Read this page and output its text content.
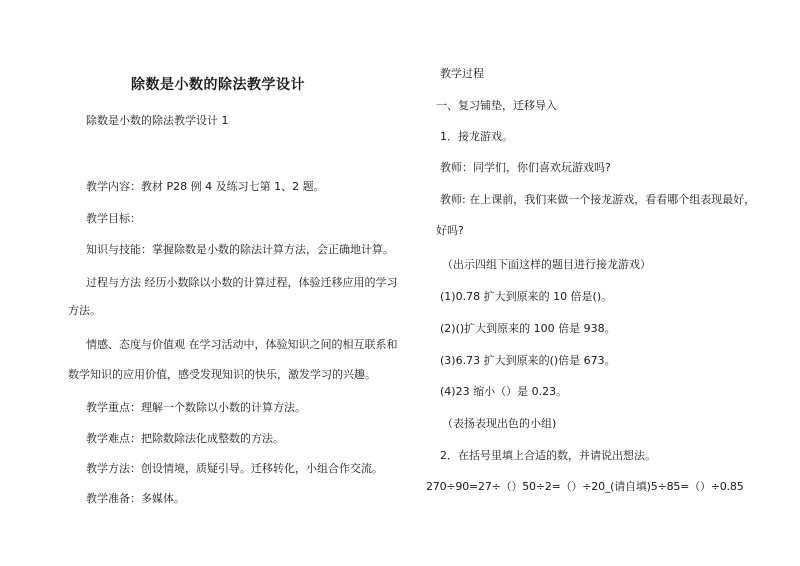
除数是小数的除法教学设计
除数是小数的除法教学设计 1
教学内容：教材 P28 例 4 及练习七第 1、2 题。
教学目标：
知识与技能：掌握除数是小数的除法计算方法，会正确地计算。
过程与方法 经历小数除以小数的计算过程，体验迁移应用的学习
方法。
情感、态度与价值观 在学习活动中，体验知识之间的相互联系和
数学知识的应用价值，感受发现知识的快乐，激发学习的兴趣。
教学重点：理解一个数除以小数的计算方法。
教学难点：把除数除法化成整数的方法。
教学方法：创设情境，质疑引导。迁移转化，小组合作交流。
教学准备：多媒体。
教学过程
一、复习铺垫，迁移导入
1．接龙游戏。
教师：同学们，你们喜欢玩游戏吗?
教师: 在上课前，我们来做一个接龙游戏，看看哪个组表现最好，
好吗?
（出示四组下面这样的题目进行接龙游戏）
(1)0.78 扩大到原来的 10 倍是()。
(2)()扩大到原来的 100 倍是 938。
(3)6.73 扩大到原来的()倍是 673。
(4)23 缩小（）是 0.23。
（表扬表现出色的小组)
2．在括号里填上合适的数，并请说出想法。
270÷90=27÷（）50÷2=（）÷20_(请自填)5÷85=（）÷0.85
